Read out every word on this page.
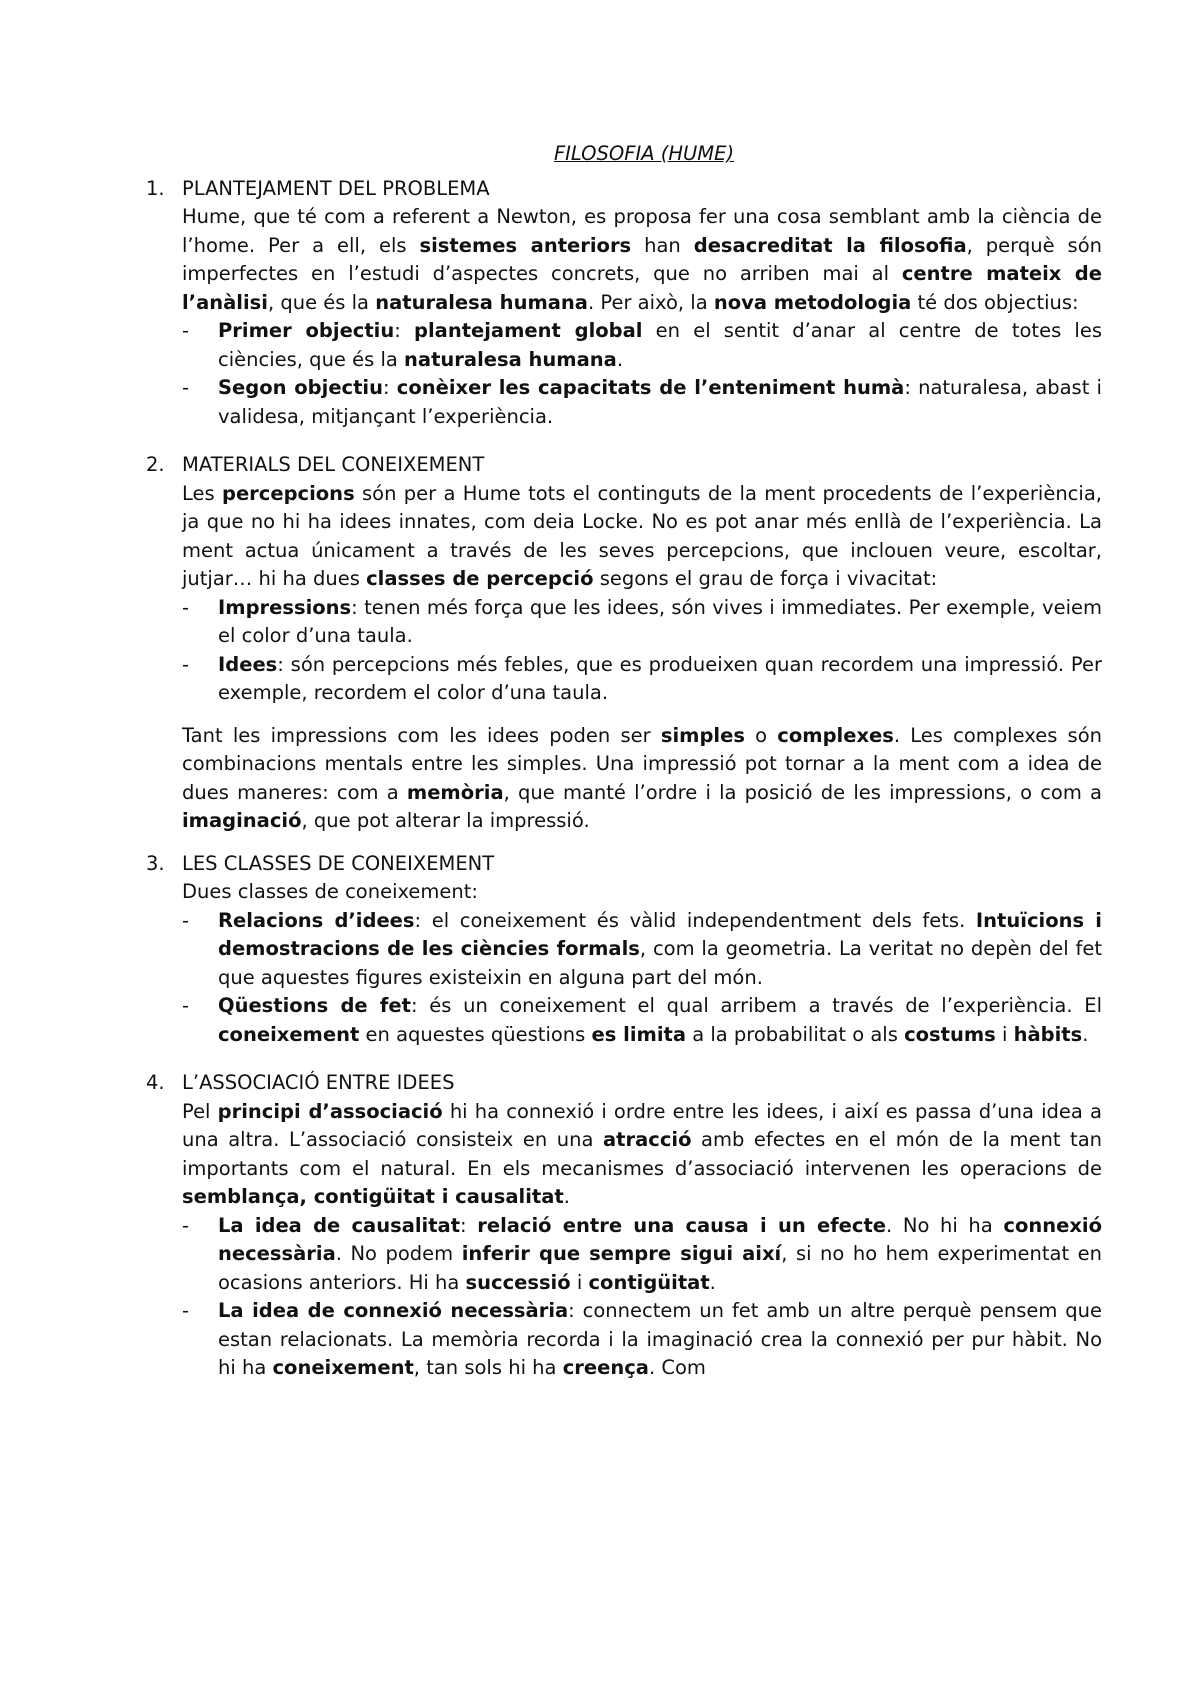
FILOSOFIA (HUME)
1. PLANTEJAMENT DEL PROBLEMA

Hume, que té com a referent a Newton, es proposa fer una cosa semblant amb la ciència de l’home. Per a ell, els sistemes anteriors han desacreditat la filosofia, perquè són imperfectes en l’estudi d’aspectes concrets, que no arriben mai al centre mateix de l’anàlisi, que és la naturalesa humana. Per això, la nova metodologia té dos objectius:

- Primer objectiu: plantejament global en el sentit d’anar al centre de totes les ciències, que és la naturalesa humana.
- Segon objectiu: conèixer les capacitats de l’enteniment humà: naturalesa, abast i validesa, mitjançant l’experiència.
2. MATERIALS DEL CONEIXEMENT

Les percepcions són per a Hume tots el continguts de la ment procedents de l’experiència, ja que no hi ha idees innates, com deia Locke. No es pot anar més enllà de l’experiència. La ment actua únicament a través de les seves percepcions, que inclouen veure, escoltar, jutjar… hi ha dues classes de percepció segons el grau de força i vivacitat:

- Impressions: tenen més força que les idees, són vives i immediates. Per exemple, veiem el color d’una taula.
- Idees: són percepcions més febles, que es produeixen quan recordem una impressió. Per exemple, recordem el color d’una taula.

Tant les impressions com les idees poden ser simples o complexes. Les complexes són combinacions mentals entre les simples. Una impressió pot tornar a la ment com a idea de dues maneres: com a memòria, que manté l’ordre i la posició de les impressions, o com a imaginació, que pot alterar la impressió.

3. LES CLASSES DE CONEIXEMENT

Dues classes de coneixement:

- Relacions d’idees: el coneixement és vàlid independentment dels fets. Intuïcions i demostracions de les ciències formals, com la geometria. La veritat no depèn del fet que aquestes figures existeixin en alguna part del món.
- Qüestions de fet: és un coneixement el qual arribem a través de l’experiència. El coneixement en aquestes qüestions es limita a la probabilitat o als costums i hàbits.
4. L’ASSOCIACIÓ ENTRE IDEES

Pel principi d’associació hi ha connexió i ordre entre les idees, i així es passa d’una idea a una altra. L’associació consisteix en una atracció amb efectes en el món de la ment tan importants com el natural. En els mecanismes d’associació intervenen les operacions de semblança, contigüitat i causalitat.

- La idea de causalitat: relació entre una causa i un efecte. No hi ha connexió necessària. No podem inferir que sempre sigui així, si no ho hem experimentat en ocasions anteriors. Hi ha successió i contigüitat.
- La idea de connexió necessària: connectem un fet amb un altre perquè pensem que estan relacionats. La memòria recorda i la imaginació crea la connexió per pur hàbit. No hi ha coneixement, tan sols hi ha creença. Com
